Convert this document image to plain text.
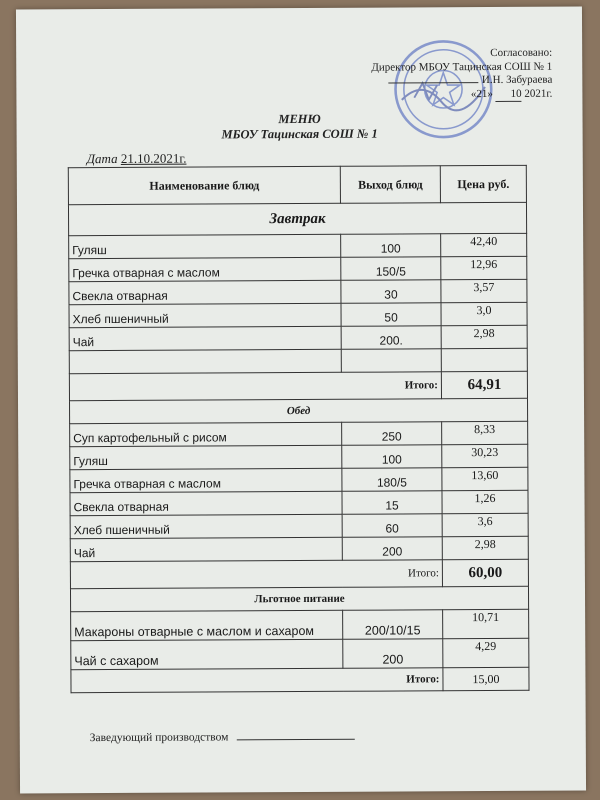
Согласовано:
Директор МБОУ Тацинская СОШ № 1
И.Н. Забураева
«21» 10 2021г.
МЕНЮ
МБОУ Тацинская СОШ № 1
Дата 21.10.2021г.
Наименование блюд	Выход блюд	Цена руб.
Завтрак		
Гуляш	100	42,40
Гречка отварная с маслом	150/5	12,96
Свекла отварная	30	3,57
Хлеб пшеничный	50	3,0
Чай	200.	2,98

Итого:		64,91
Обед		
Суп картофельный с рисом	250	8,33
Гуляш	100	30,23
Гречка отварная с маслом	180/5	13,60
Свекла отварная	15	1,26
Хлеб пшеничный	60	3,6
Чай	200	2,98
Итого:		60,00
Льготное питание		
Макароны отварные с маслом и сахаром	200/10/15	10,71
Чай с сахаром	200	4,29
Итого:		15,00
Заведующий производством
